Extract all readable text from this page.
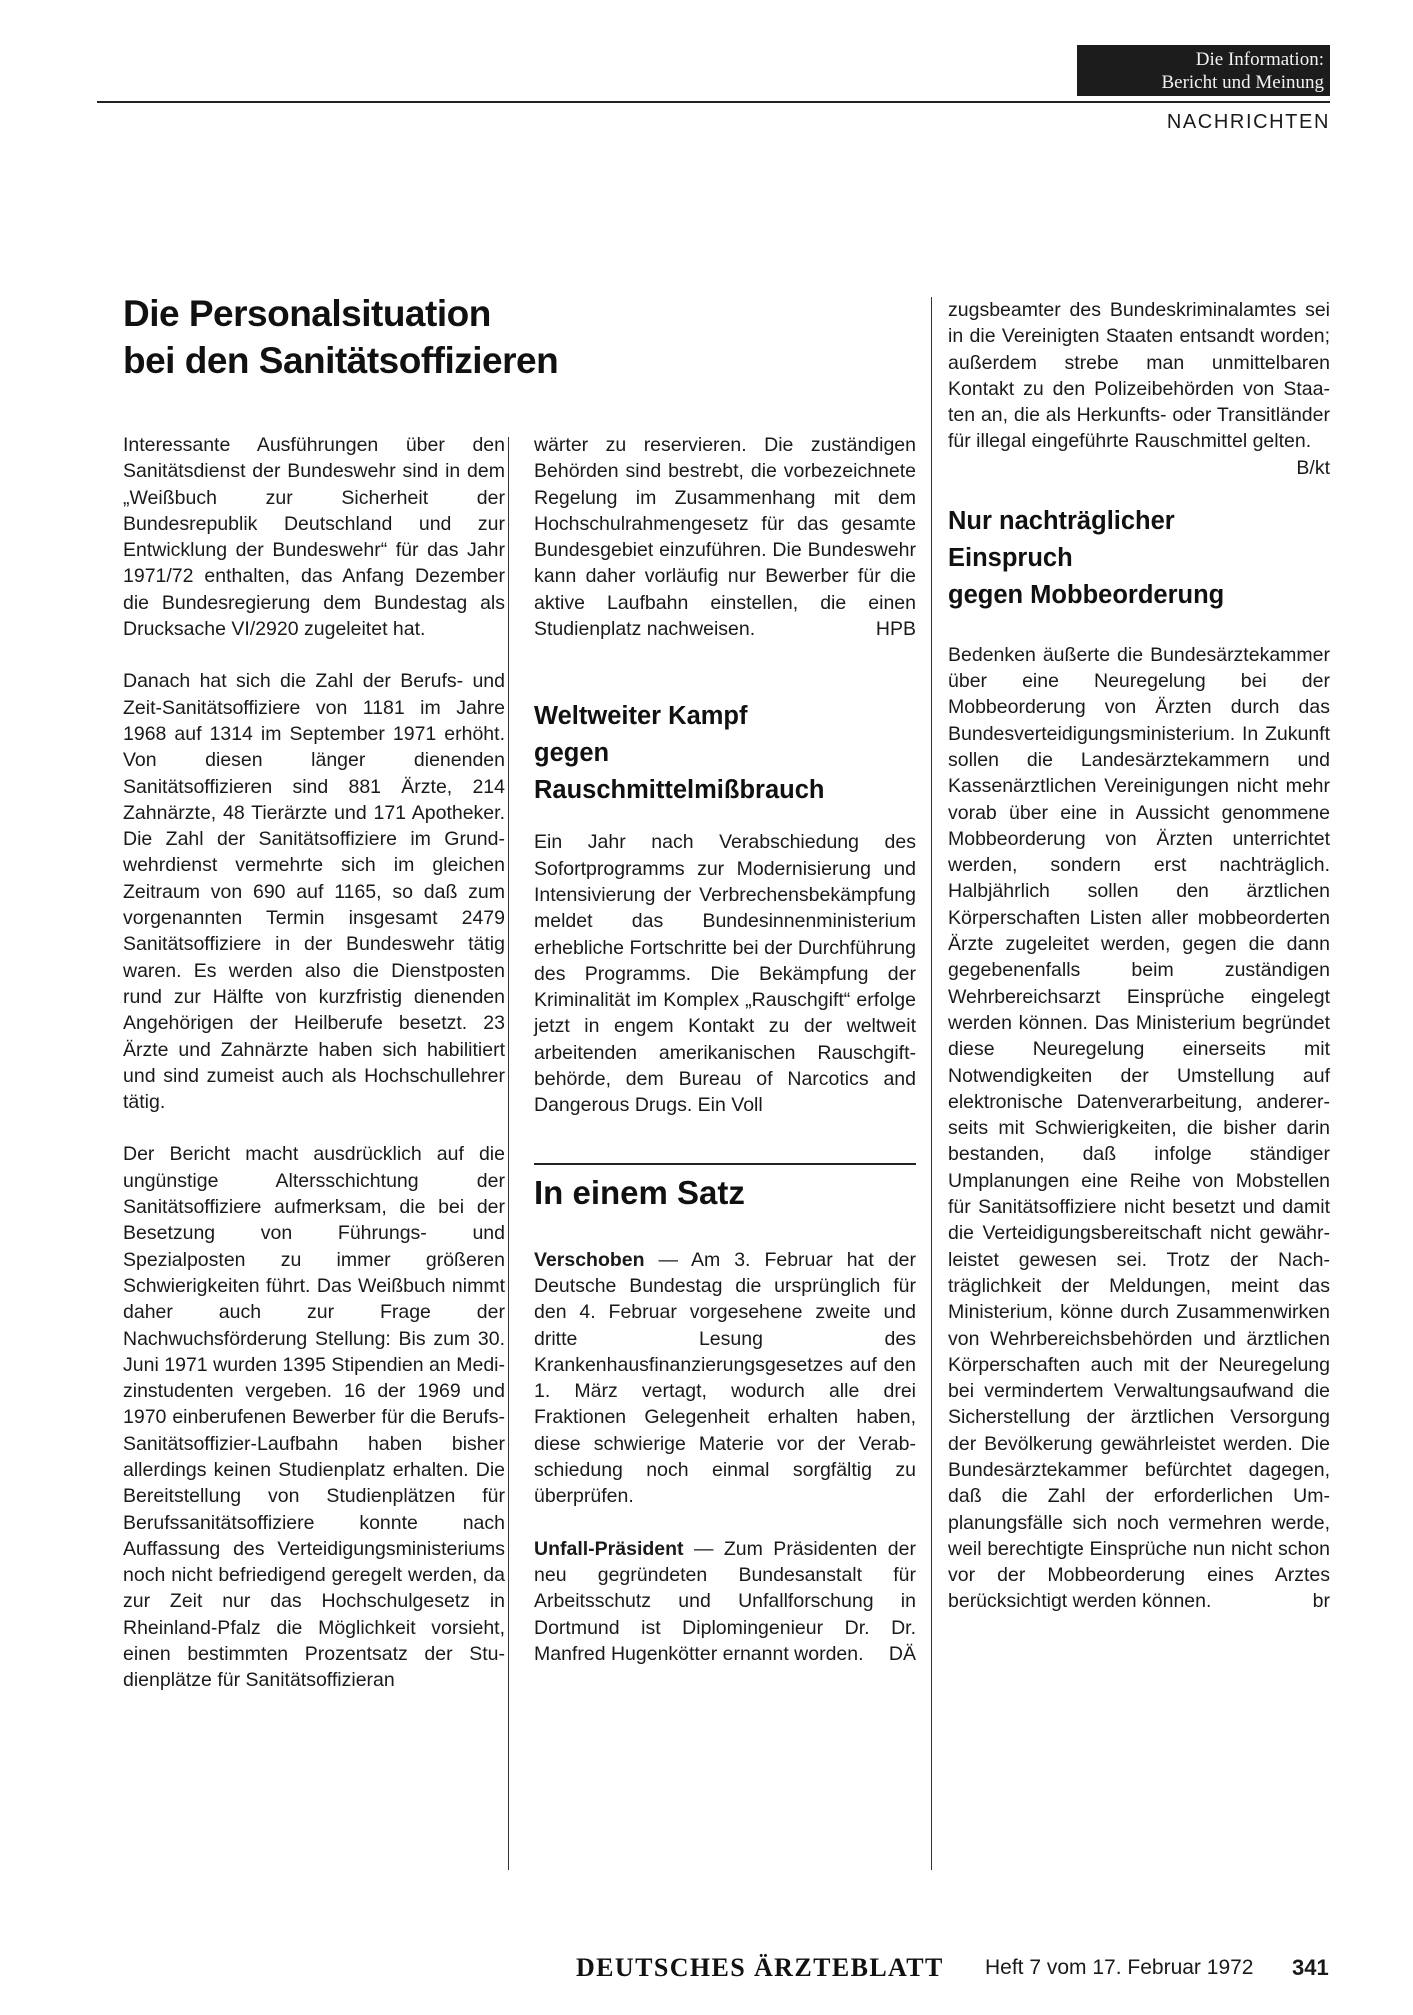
Die Information:
Bericht und Meinung
NACHRICHTEN
Die Personalsituation
bei den Sanitätsoffizieren

Interessante Ausführungen über den Sanitätsdienst der Bundeswehr sind in dem „Weißbuch zur Sicherheit der Bundesrepublik Deutschland und zur Entwicklung der Bundeswehr“ für das Jahr 1971/72 enthalten, das Anfang Dezember die Bundesregierung dem Bundestag als Drucksache VI/2920 zugeleitet hat.

Danach hat sich die Zahl der Berufs- und Zeit-Sanitätsoffiziere von 1181 im Jahre 1968 auf 1314 im September 1971 erhöht. Von diesen länger dienenden Sanitätsoffizieren sind 881 Ärzte, 214 Zahnärzte, 48 Tierärzte und 171 Apotheker. Die Zahl der Sanitätsoffiziere im Grundwehrdienst vermehrte sich im gleichen Zeitraum von 690 auf 1165, so daß zum vorgenannten Termin insgesamt 2479 Sanitätsoffiziere in der Bundeswehr tätig waren. Es werden also die Dienstposten rund zur Hälfte von kurzfristig dienenden Angehörigen der Heilberufe besetzt. 23 Ärzte und Zahnärzte haben sich habilitiert und sind zumeist auch als Hochschullehrer tätig.

Der Bericht macht ausdrücklich auf die ungünstige Altersschichtung der Sanitätsoffiziere aufmerksam, die bei der Besetzung von Führungs- und Spezialposten zu immer größeren Schwierigkeiten führt. Das Weißbuch nimmt daher auch zur Frage der Nachwuchsförderung Stellung: Bis zum 30. Juni 1971 wurden 1395 Stipendien an Medizinstudenten vergeben. 16 der 1969 und 1970 einberufenen Bewerber für die Berufs-Sanitätsoffizier-Laufbahn haben bisher allerdings keinen Studienplatz erhalten. Die Bereitstellung von Studienplätzen für Berufssanitätsoffiziere konnte nach Auffassung des Verteidigungsministeriums noch nicht befriedigend geregelt werden, da zur Zeit nur das Hochschulgesetz in Rheinland-Pfalz die Möglichkeit vorsieht, einen bestimmten Prozentsatz der Studienplätze für Sanitätsoffizieran

wärter zu reservieren. Die zuständigen Behörden sind bestrebt, die vorbezeichnete Regelung im Zusammenhang mit dem Hochschulrahmengesetz für das gesamte Bundesgebiet einzuführen. Die Bundeswehr kann daher vorläufig nur Bewerber für die aktive Laufbahn einstellen, die einen Studienplatz nachweisen.	HPB

Weltweiter Kampf
gegen
Rauschmittelmißbrauch

Ein Jahr nach Verabschiedung des Sofortprogramms zur Modernisierung und Intensivierung der Verbrechensbekämpfung meldet das Bundesinnenministerium erhebliche Fortschritte bei der Durchführung des Programms. Die Bekämpfung der Kriminalität im Komplex „Rauschgift“ erfolge jetzt in engem Kontakt zu der weltweit arbeitenden amerikanischen Rauschgiftbehörde, dem Bureau of Narcotics and Dangerous Drugs. Ein Voll

In einem Satz

Verschoben — Am 3. Februar hat der Deutsche Bundestag die ursprünglich für den 4. Februar vorgesehene zweite und dritte Lesung des Krankenhausfinanzierungsgesetzes auf den 1. März vertagt, wodurch alle drei Fraktionen Gelegenheit erhalten haben, diese schwierige Materie vor der Verabschiedung noch einmal sorgfältig zu überprüfen.

Unfall-Präsident — Zum Präsidenten der neu gegründeten Bundesanstalt für Arbeitsschutz und Unfallforschung in Dortmund ist Diplomingenieur Dr. Dr. Manfred Hugenkötter ernannt worden. DÄ

zugsbeamter des Bundeskriminalamtes sei in die Vereinigten Staaten entsandt worden; außerdem strebe man unmittelbaren Kontakt zu den Polizeibehörden von Staaten an, die als Herkunfts- oder Transitländer für illegal eingeführte Rauschmittel gelten.
B/kt

Nur nachträglicher
Einspruch
gegen Mobbeorderung

Bedenken äußerte die Bundesärztekammer über eine Neuregelung bei der Mobbeorderung von Ärzten durch das Bundesverteidigungsministerium. In Zukunft sollen die Landesärztekammern und Kassenärztlichen Vereinigungen nicht mehr vorab über eine in Aussicht genommene Mobbeorderung von Ärzten unterrichtet werden, sondern erst nachträglich. Halbjährlich sollen den ärztlichen Körperschaften Listen aller mobbeorderten Ärzte zugeleitet werden, gegen die dann gegebenenfalls beim zuständigen Wehrbereichsarzt Einsprüche eingelegt werden können. Das Ministerium begründet diese Neuregelung einerseits mit Notwendigkeiten der Umstellung auf elektronische Datenverarbeitung, andererseits mit Schwierigkeiten, die bisher darin bestanden, daß infolge ständiger Umplanungen eine Reihe von Mobstellen für Sanitätsoffiziere nicht besetzt und damit die Verteidigungsbereitschaft nicht gewährleistet gewesen sei. Trotz der Nachträglichkeit der Meldungen, meint das Ministerium, könne durch Zusammenwirken von Wehrbereichsbehörden und ärztlichen Körperschaften auch mit der Neuregelung bei vermindertem Verwaltungsaufwand die Sicherstellung der ärztlichen Versorgung der Bevölkerung gewährleistet werden. Die Bundesärztekammer befürchtet dagegen, daß die Zahl der erforderlichen Umplanungsfälle sich noch vermehren werde, weil berechtigte Einsprüche nun nicht schon vor der Mobbeorderung eines Arztes berücksichtigt werden können.	br

DEUTSCHES ÄRZTEBLATT Heft 7 vom 17. Februar 1972 341
